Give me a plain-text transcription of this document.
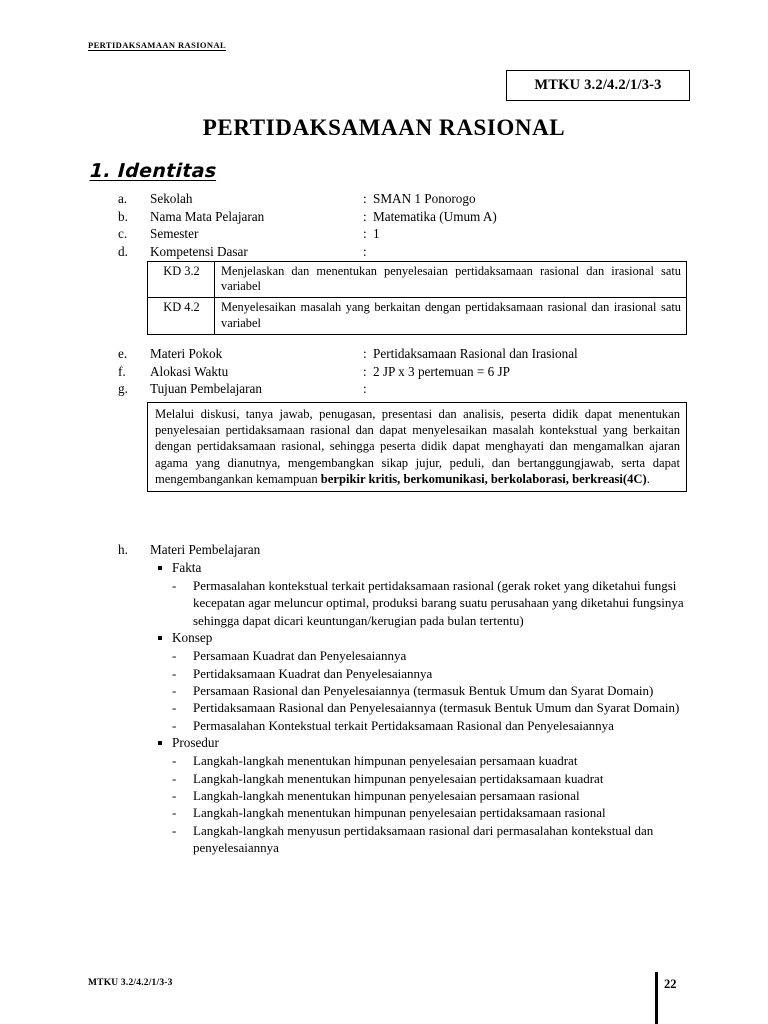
PERTIDAKSAMAAN RASIONAL
MTKU 3.2/4.2/1/3-3
PERTIDAKSAMAAN RASIONAL
1. Identitas
a.	Sekolah	: SMAN 1 Ponorogo
b.	Nama Mata Pelajaran	: Matematika (Umum A)
c.	Semester	: 1
d.	Kompetensi Dasar	:
KD 3.2	Menjelaskan dan menentukan penyelesaian pertidaksamaan rasional dan irasional satu variabel
KD 4.2	Menyelesaikan masalah yang berkaitan dengan pertidaksamaan rasional dan irasional satu variabel
e.	Materi Pokok	: Pertidaksamaan Rasional dan Irasional
f.	Alokasi Waktu	: 2 JP x 3 pertemuan = 6 JP
g.	Tujuan Pembelajaran	:
Melalui diskusi, tanya jawab, penugasan, presentasi dan analisis, peserta didik dapat menentukan penyelesaian pertidaksamaan rasional dan dapat menyelesaikan masalah kontekstual yang berkaitan dengan pertidaksamaan rasional, sehingga peserta didik dapat menghayati dan mengamalkan ajaran agama yang dianutnya, mengembangkan sikap jujur, peduli, dan bertanggungjawab, serta dapat mengembangankan kemampuan berpikir kritis, berkomunikasi, berkolaborasi, berkreasi(4C).
h.	Materi Pembelajaran
Fakta
- Permasalahan kontekstual terkait pertidaksamaan rasional (gerak roket yang diketahui fungsi kecepatan agar meluncur optimal, produksi barang suatu perusahaan yang diketahui fungsinya sehingga dapat dicari keuntungan/kerugian pada bulan tertentu)
Konsep
- Persamaan Kuadrat dan Penyelesaiannya
- Pertidaksamaan Kuadrat dan Penyelesaiannya
- Persamaan Rasional dan Penyelesaiannya (termasuk Bentuk Umum dan Syarat Domain)
- Pertidaksamaan Rasional dan Penyelesaiannya (termasuk Bentuk Umum dan Syarat Domain)
- Permasalahan Kontekstual terkait Pertidaksamaan Rasional dan Penyelesaiannya
Prosedur
- Langkah-langkah menentukan himpunan penyelesaian persamaan kuadrat
- Langkah-langkah menentukan himpunan penyelesaian pertidaksamaan kuadrat
- Langkah-langkah menentukan himpunan penyelesaian persamaan rasional
- Langkah-langkah menentukan himpunan penyelesaian pertidaksamaan rasional
- Langkah-langkah menyusun pertidaksamaan rasional dari permasalahan kontekstual dan penyelesaiannya
MTKU 3.2/4.2/1/3-3	22
